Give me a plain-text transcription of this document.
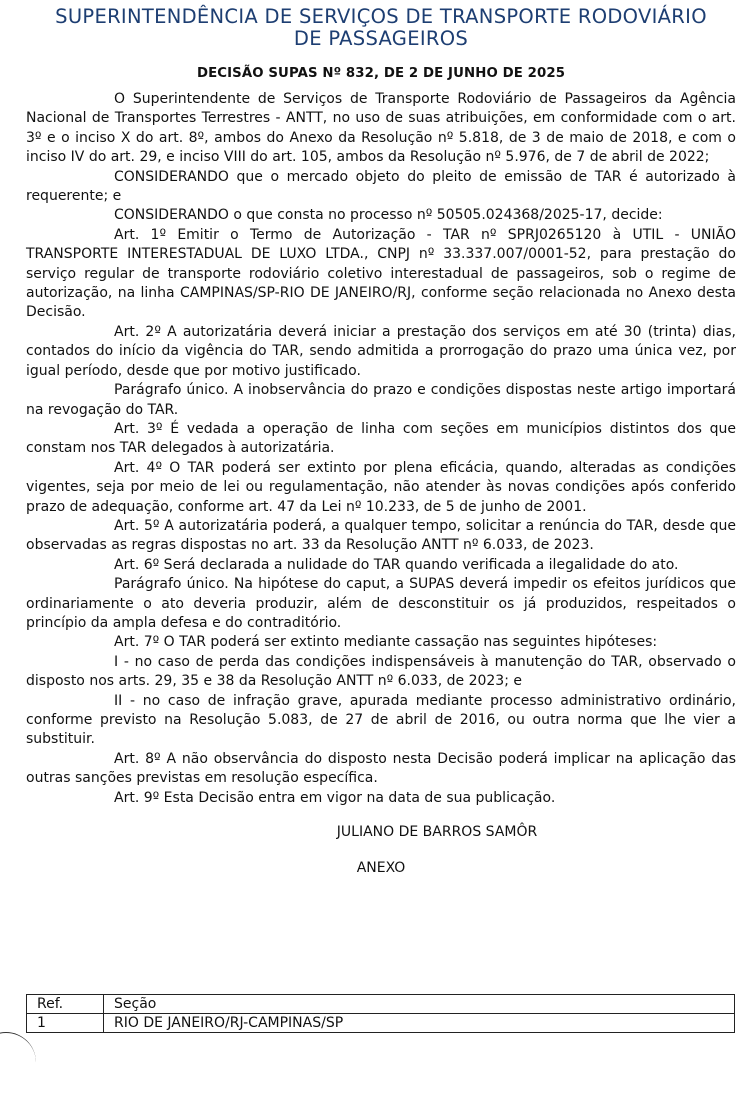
SUPERINTENDÊNCIA DE SERVIÇOS DE TRANSPORTE RODOVIÁRIO
DE PASSAGEIROS
DECISÃO SUPAS Nº 832, DE 2 DE JUNHO DE 2025

O Superintendente de Serviços de Transporte Rodoviário de Passageiros da Agência Nacional de Transportes Terrestres - ANTT, no uso de suas atribuições, em conformidade com o art. 3º e o inciso X do art. 8º, ambos do Anexo da Resolução nº 5.818, de 3 de maio de 2018, e com o inciso IV do art. 29, e inciso VIII do art. 105, ambos da Resolução nº 5.976, de 7 de abril de 2022;

CONSIDERANDO que o mercado objeto do pleito de emissão de TAR é autorizado à requerente; e

CONSIDERANDO o que consta no processo nº 50505.024368/2025-17, decide:

Art. 1º Emitir o Termo de Autorização - TAR nº SPRJ0265120 à UTIL - UNIÃO TRANSPORTE INTERESTADUAL DE LUXO LTDA., CNPJ nº 33.337.007/0001-52, para prestação do serviço regular de transporte rodoviário coletivo interestadual de passageiros, sob o regime de autorização, na linha CAMPINAS/SP-RIO DE JANEIRO/RJ, conforme seção relacionada no Anexo desta Decisão.

Art. 2º A autorizatária deverá iniciar a prestação dos serviços em até 30 (trinta) dias, contados do início da vigência do TAR, sendo admitida a prorrogação do prazo uma única vez, por igual período, desde que por motivo justificado.

Parágrafo único. A inobservância do prazo e condições dispostas neste artigo importará na revogação do TAR.

Art. 3º É vedada a operação de linha com seções em municípios distintos dos que constam nos TAR delegados à autorizatária.

Art. 4º O TAR poderá ser extinto por plena eficácia, quando, alteradas as condições vigentes, seja por meio de lei ou regulamentação, não atender às novas condições após conferido prazo de adequação, conforme art. 47 da Lei nº 10.233, de 5 de junho de 2001.

Art. 5º A autorizatária poderá, a qualquer tempo, solicitar a renúncia do TAR, desde que observadas as regras dispostas no art. 33 da Resolução ANTT nº 6.033, de 2023.

Art. 6º Será declarada a nulidade do TAR quando verificada a ilegalidade do ato.

Parágrafo único. Na hipótese do caput, a SUPAS deverá impedir os efeitos jurídicos que ordinariamente o ato deveria produzir, além de desconstituir os já produzidos, respeitados o princípio da ampla defesa e do contraditório.

Art. 7º O TAR poderá ser extinto mediante cassação nas seguintes hipóteses:

I - no caso de perda das condições indispensáveis à manutenção do TAR, observado o disposto nos arts. 29, 35 e 38 da Resolução ANTT nº 6.033, de 2023; e

II - no caso de infração grave, apurada mediante processo administrativo ordinário, conforme previsto na Resolução 5.083, de 27 de abril de 2016, ou outra norma que lhe vier a substituir.

Art. 8º A não observância do disposto nesta Decisão poderá implicar na aplicação das outras sanções previstas em resolução específica.

Art. 9º Esta Decisão entra em vigor na data de sua publicação.

JULIANO DE BARROS SAMÔR
ANEXO
Ref.	Seção
1	RIO DE JANEIRO/RJ-CAMPINAS/SP
